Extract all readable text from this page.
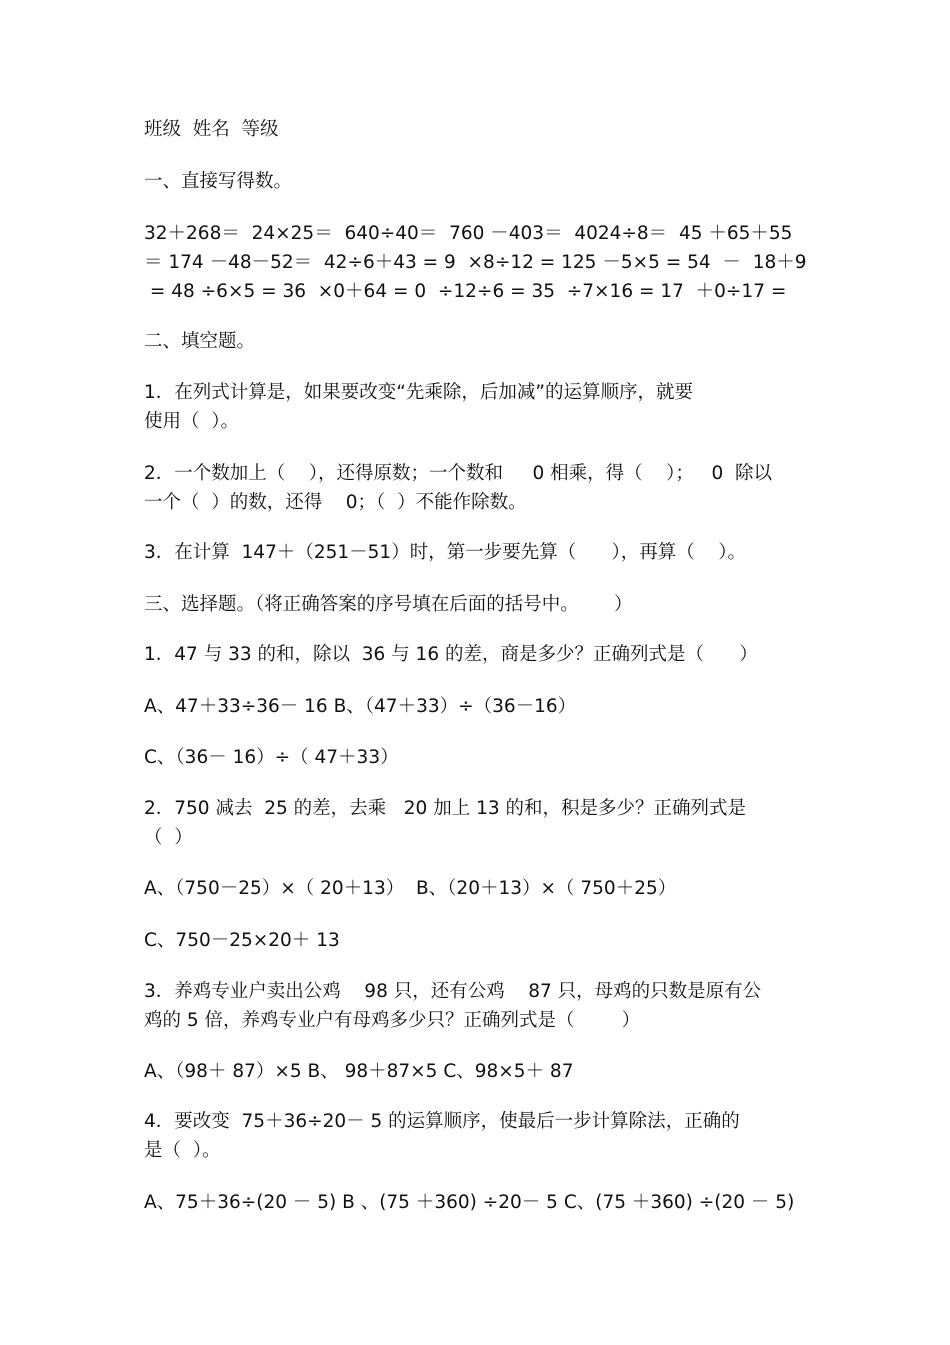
班级  姓名  等级
一、直接写得数。
32＋268＝  24×25＝  640÷40＝  760 －403＝  4024÷8＝  45 ＋65＋55
＝ 174 －48－52＝  42÷6＋43 = 9  ×8÷12 = 125 －5×5 = 54  －  18＋9
= 48 ÷6×5 = 36  ×0＋64 = 0  ÷12÷6 = 35  ÷7×16 = 17  ＋0÷17 =
二、填空题。
1．在列式计算是，如果要改变“先乘除，后加减”的运算顺序，就要
使用（  ）。
2．一个数加上（    ），还得原数；一个数和     0 相乘，得（    ）；   0  除以
一个（  ）的数，还得    0；（  ）不能作除数。
3．在计算  147＋（251－51）时，第一步要先算（      ），再算（    ）。
三、选择题。（将正确答案的序号填在后面的括号中。      ）
1．47 与 33 的和，除以  36 与 16 的差，商是多少？正确列式是（      ）
A、47＋33÷36－ 16 B、（47＋33）÷（36－16）
C、（36－ 16）÷（ 47＋33）
2．750 减去  25 的差，去乘   20 加上 13 的和，积是多少？正确列式是
（  ）
A、（750－25）×（ 20＋13）  B、（20＋13）×（ 750＋25）
C、750－25×20＋ 13
3．养鸡专业户卖出公鸡    98 只，还有公鸡    87 只，母鸡的只数是原有公
鸡的 5 倍，养鸡专业户有母鸡多少只？正确列式是（        ）
A、（98＋ 87）×5 B、 98＋87×5 C、98×5＋ 87
4．要改变  75＋36÷20－ 5 的运算顺序，使最后一步计算除法，正确的
是（  ）。
A、75＋36÷(20 － 5) B 、(75 ＋360) ÷20－ 5 C、(75 ＋360) ÷(20 － 5)
